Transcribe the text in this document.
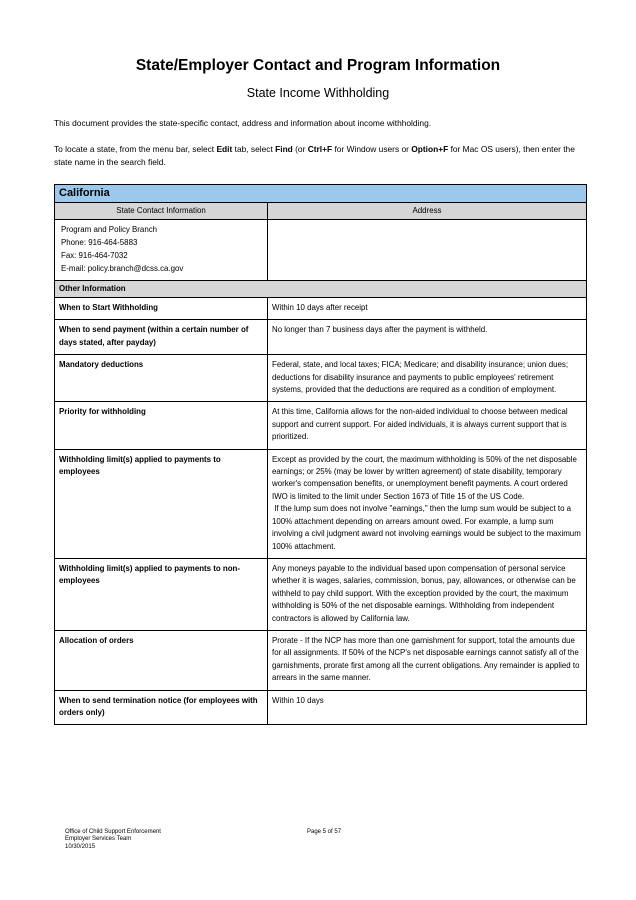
State/Employer Contact and Program Information
State Income Withholding
This document provides the state-specific contact, address and information about income withholding.
To locate a state, from the menu bar, select Edit tab, select Find (or Ctrl+F for Window users or Option+F for Mac OS users), then enter the state name in the search field.
California	
State Contact Information	Address

Program and Policy Branch
Phone: 916-464-5883
Fax: 916-464-7032
E-mail: policy.branch@dcss.ca.gov	

Other Information	
When to Start Withholding	Within 10 days after receipt
When to send payment (within a certain number of days stated, after payday)	No longer than 7 business days after the payment is withheld.
Mandatory deductions	Federal, state, and local taxes; FICA; Medicare; and disability insurance; union dues; deductions for disability insurance and payments to public employees' retirement systems, provided that the deductions are required as a condition of employment.
Priority for withholding	At this time, California allows for the non-aided individual to choose between medical support and current support. For aided individuals, it is always current support that is prioritized.
Withholding limit(s) applied to payments to employees	Except as provided by the court, the maximum withholding is 50% of the net disposable earnings; or 25% (may be lower by written agreement) of state disability, temporary worker's compensation benefits, or unemployment benefit payments. A court ordered IWO is limited to the limit under Section 1673 of Title 15 of the US Code.
If the lump sum does not involve "earnings," then the lump sum would be subject to a 100% attachment depending on arrears amount owed. For example, a lump sum involving a civil judgment award not involving earnings would be subject to the maximum 100% attachment.

Withholding limit(s) applied to payments to non-employees	Any moneys payable to the individual based upon compensation of personal service whether it is wages, salaries, commission, bonus, pay, allowances, or otherwise can be withheld to pay child support. With the exception provided by the court, the maximum withholding is 50% of the net disposable earnings. Withholding from independent contractors is allowed by California law.
Allocation of orders	Prorate - If the NCP has more than one garnishment for support, total the amounts due for all assignments. If 50% of the NCP's net disposable earnings cannot satisfy all of the garnishments, prorate first among all the current obligations. Any remainder is applied to arrears in the same manner.
When to send termination notice (for employees with orders only)	Within 10 days
Office of Child Support Enforcement
Employer Services Team
10/30/2015
Page 5 of 57
